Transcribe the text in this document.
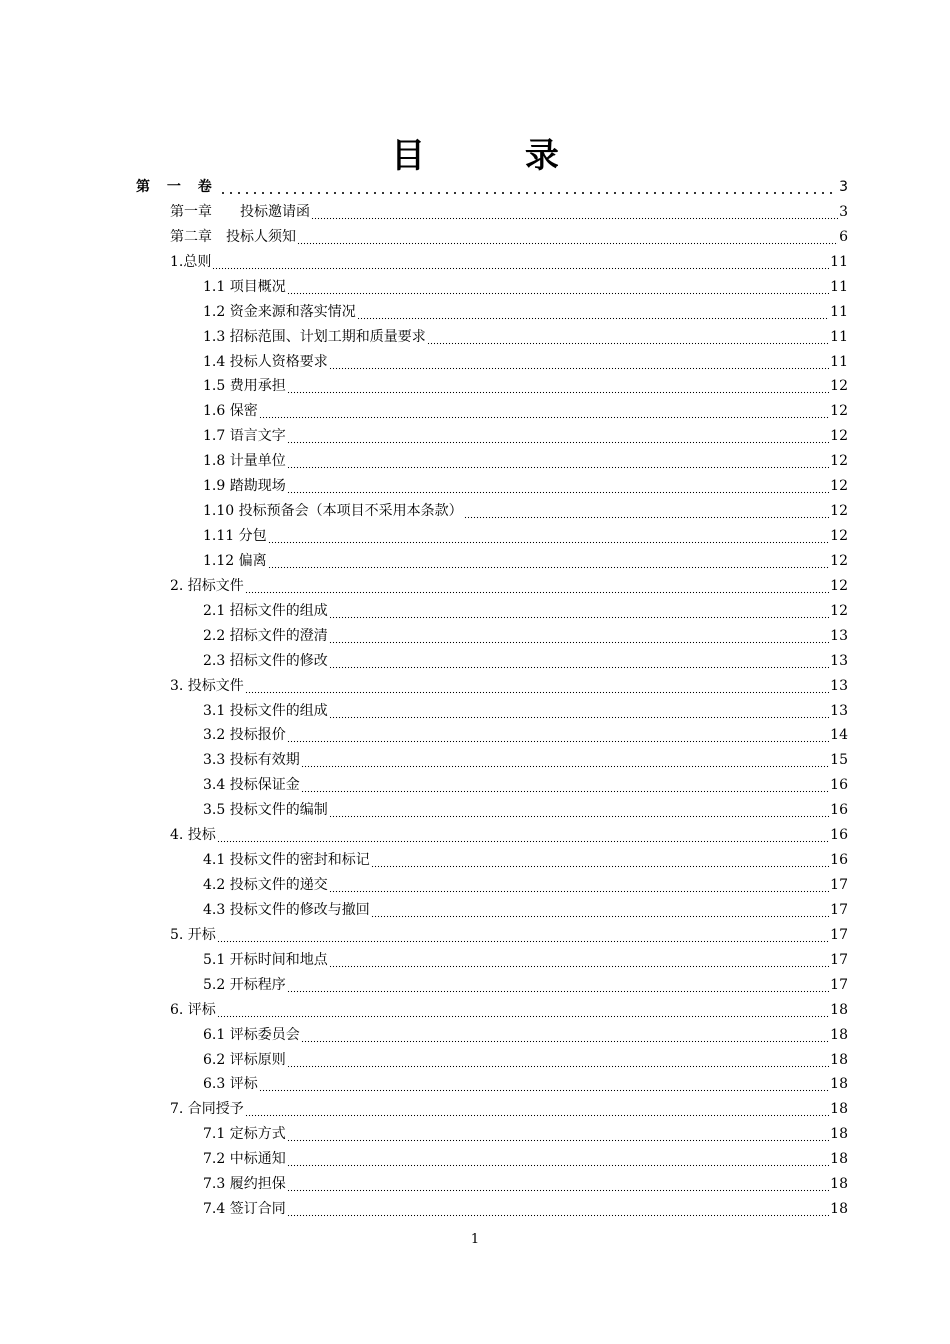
目 录
第 一 卷	3
第一章　　投标邀请函	3
第二章　投标人须知	6
1.总则	11
1.1 项目概况	11
1.2 资金来源和落实情况	11
1.3 招标范围、计划工期和质量要求	11
1.4 投标人资格要求	11
1.5 费用承担	12
1.6 保密	12
1.7 语言文字	12
1.8 计量单位	12
1.9 踏勘现场	12
1.10 投标预备会（本项目不采用本条款）	12
1.11 分包	12
1.12 偏离	12
2. 招标文件	12
2.1 招标文件的组成	12
2.2 招标文件的澄清	13
2.3 招标文件的修改	13
3. 投标文件	13
3.1 投标文件的组成	13
3.2 投标报价	14
3.3 投标有效期	15
3.4 投标保证金	16
3.5 投标文件的编制	16
4. 投标	16
4.1 投标文件的密封和标记	16
4.2 投标文件的递交	17
4.3 投标文件的修改与撤回	17
5. 开标	17
5.1 开标时间和地点	17
5.2 开标程序	17
6. 评标	18
6.1 评标委员会	18
6.2 评标原则	18
6.3 评标	18
7. 合同授予	18
7.1 定标方式	18
7.2 中标通知	18
7.3 履约担保	18
7.4 签订合同	18
1
